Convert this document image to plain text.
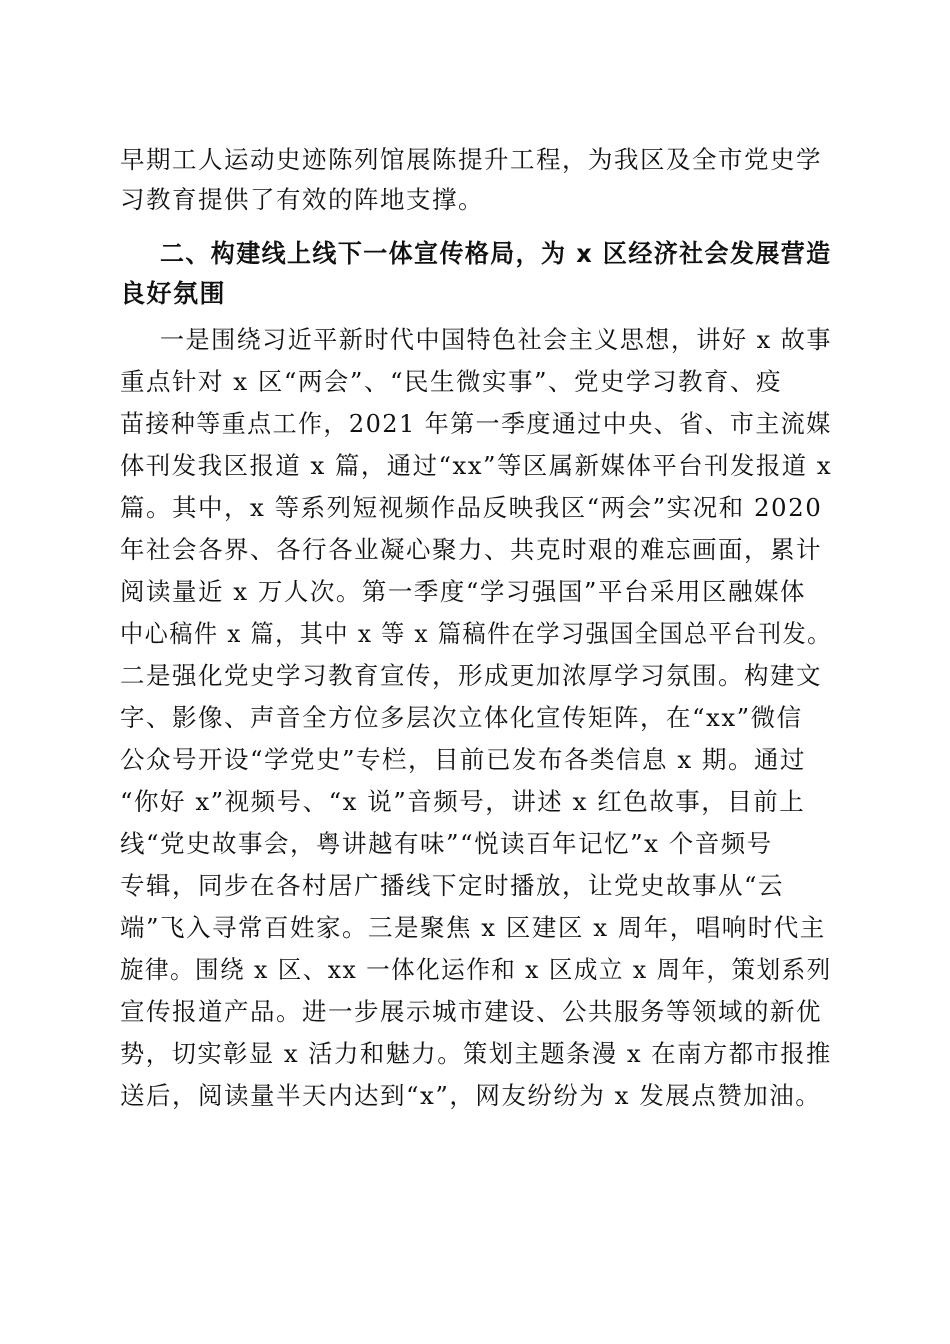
早期工人运动史迹陈列馆展陈提升工程，为我区及全市党史学
习教育提供了有效的阵地支撑。
二、构建线上线下一体宣传格局，为 x 区经济社会发展营造
良好氛围
一是围绕习近平新时代中国特色社会主义思想，讲好 x 故事
重点针对 x 区“两会”、“民生微实事”、党史学习教育、疫
苗接种等重点工作，2021 年第一季度通过中央、省、市主流媒
体刊发我区报道 x 篇，通过“xx”等区属新媒体平台刊发报道 x
篇。其中，x 等系列短视频作品反映我区“两会”实况和 2020
年社会各界、各行各业凝心聚力、共克时艰的难忘画面，累计
阅读量近 x 万人次。第一季度“学习强国”平台采用区融媒体
中心稿件 x 篇，其中 x 等 x 篇稿件在学习强国全国总平台刊发。
二是强化党史学习教育宣传，形成更加浓厚学习氛围。构建文
字、影像、声音全方位多层次立体化宣传矩阵，在“xx”微信
公众号开设“学党史”专栏，目前已发布各类信息 x 期。通过
“你好 x”视频号、“x 说”音频号，讲述 x 红色故事，目前上
线“党史故事会，粤讲越有味”“悦读百年记忆”x 个音频号
专辑，同步在各村居广播线下定时播放，让党史故事从“云
端”飞入寻常百姓家。三是聚焦 x 区建区 x 周年，唱响时代主
旋律。围绕 x 区、xx 一体化运作和 x 区成立 x 周年，策划系列
宣传报道产品。进一步展示城市建设、公共服务等领域的新优
势，切实彰显 x 活力和魅力。策划主题条漫 x 在南方都市报推
送后，阅读量半天内达到“x”，网友纷纷为 x 发展点赞加油。
